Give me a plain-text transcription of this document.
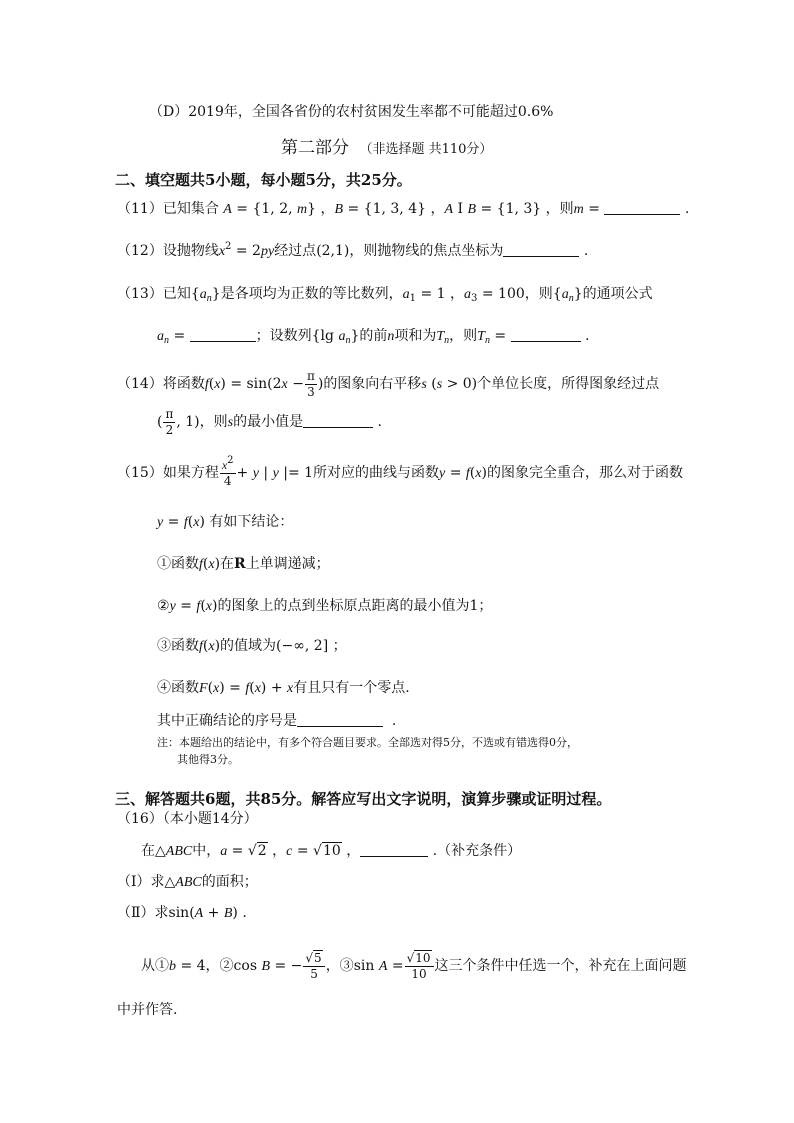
（D）2019年，全国各省份的农村贫困发生率都不可能超过0.6%
第二部分 （非选择题 共110分）
二、填空题共5小题，每小题5分，共25分。
（11）已知集合 A = {1, 2, m} ，B = {1, 3, 4} ，A I B = {1, 3} ，则m =	.
（12）设抛物线$x^2 = 2py$经过点(2,1)，则抛物线的焦点坐标为	.
（13）已知$\{a_n\}$是各项均为正数的等比数列，$a_1 = 1$ ，$a_3 = 100$，则$\{a_n\}$的通项公式
$a_n$ =	；设数列{lg $a_n$}的前n项和为$T_n$，则$T_n$ =	.
（14）将函数$f(x) = \sin(2x - \frac{\pi}{3}$ )的图象向右平移s (s > 0)个单位长度，所得图象经过点
( $\frac{\pi}{2}$ , 1)，则s的最小值是	.
（15）如果方程 $\frac{x^2}{4} + y$ | y |= 1所对应的曲线与函数y = f(x)的图象完全重合，那么对于函数
y = f(x) 有如下结论：
①函数f(x)在R上单调递减；
②y = f(x)的图象上的点到坐标原点距离的最小值为1；
③函数f(x)的值域为(−∞, 2] ；
④函数F(x) = f(x) + x有且只有一个零点.
其中正确结论的序号是	.
注：本题给出的结论中，有多个符合题目要求。全部选对得5分，不选或有错选得0分，
其他得3分。
三、解答题共6题，共85分。解答应写出文字说明，演算步骤或证明过程。
（16）（本小题14分）
在△ABC中，a = √2 ，c = √10 ，	.（补充条件）
（Ⅰ）求△ABC的面积；
（Ⅱ）求sin(A + B) .
从①b = 4，②cos B = − $\frac{√5}{5}$ ，③sin $A = \frac{√10}{10}$ 这三个条件中任选一个，补充在上面问题
中并作答.
